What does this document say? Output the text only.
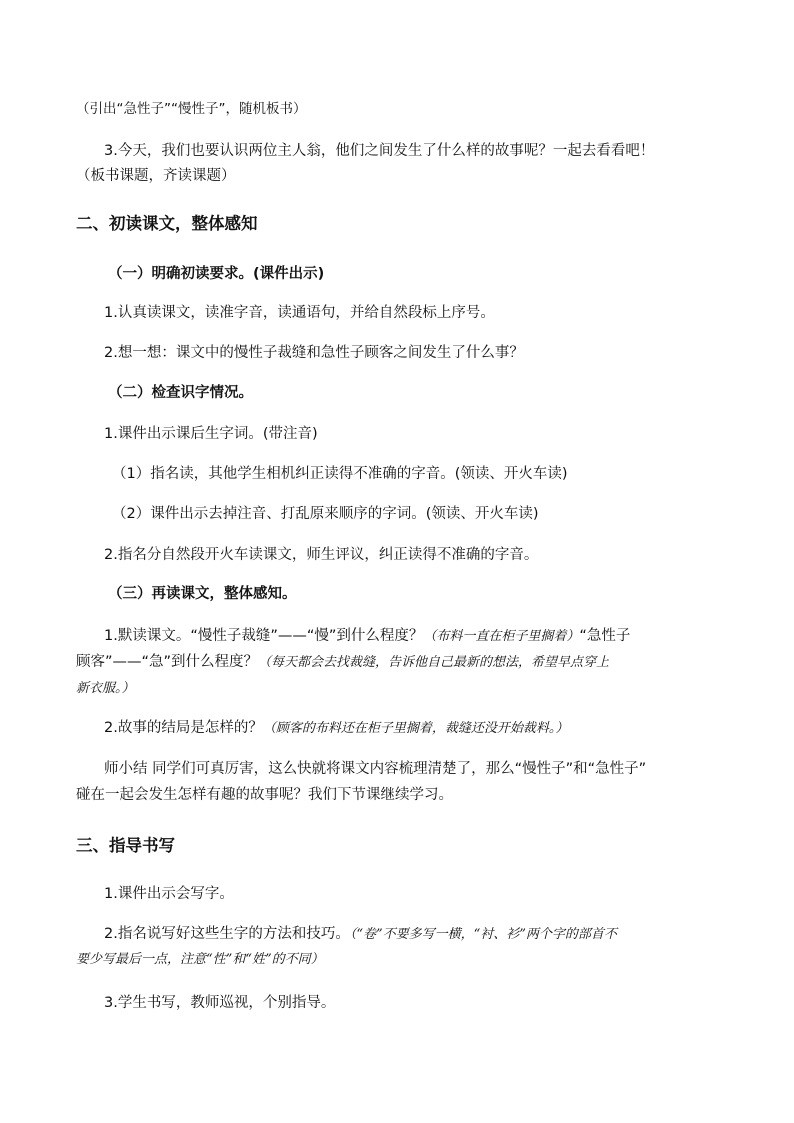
（引出“急性子”“慢性子”，随机板书）
3.今天，我们也要认识两位主人翁，他们之间发生了什么样的故事呢？一起去看看吧！
（板书课题，齐读课题）
二、初读课文，整体感知
（一）明确初读要求。(课件出示)
1.认真读课文，读准字音，读通语句，并给自然段标上序号。
2.想一想：课文中的慢性子裁缝和急性子顾客之间发生了什么事？
（二）检查识字情况。
1.课件出示课后生字词。(带注音)
（1）指名读，其他学生相机纠正读得不准确的字音。(领读、开火车读)
（2）课件出示去掉注音、打乱原来顺序的字词。(领读、开火车读)
2.指名分自然段开火车读课文，师生评议，纠正读得不准确的字音。
（三）再读课文，整体感知。
1.默读课文。“慢性子裁缝”——“慢”到什么程度？（布料一直在柜子里搁着）“急性子
顾客”——“急”到什么程度？（每天都会去找裁缝，告诉他自己最新的想法，希望早点穿上
新衣服。）
2.故事的结局是怎样的？（顾客的布料还在柜子里搁着，裁缝还没开始裁料。）
师小结 同学们可真厉害，这么快就将课文内容梳理清楚了，那么“慢性子”和“急性子”
碰在一起会发生怎样有趣的故事呢？我们下节课继续学习。
三、指导书写
1.课件出示会写字。
2.指名说写好这些生字的方法和技巧。（“卷”不要多写一横，“衬、衫”两个字的部首不
要少写最后一点，注意“性”和“姓”的不同）
3.学生书写，教师巡视，个别指导。
